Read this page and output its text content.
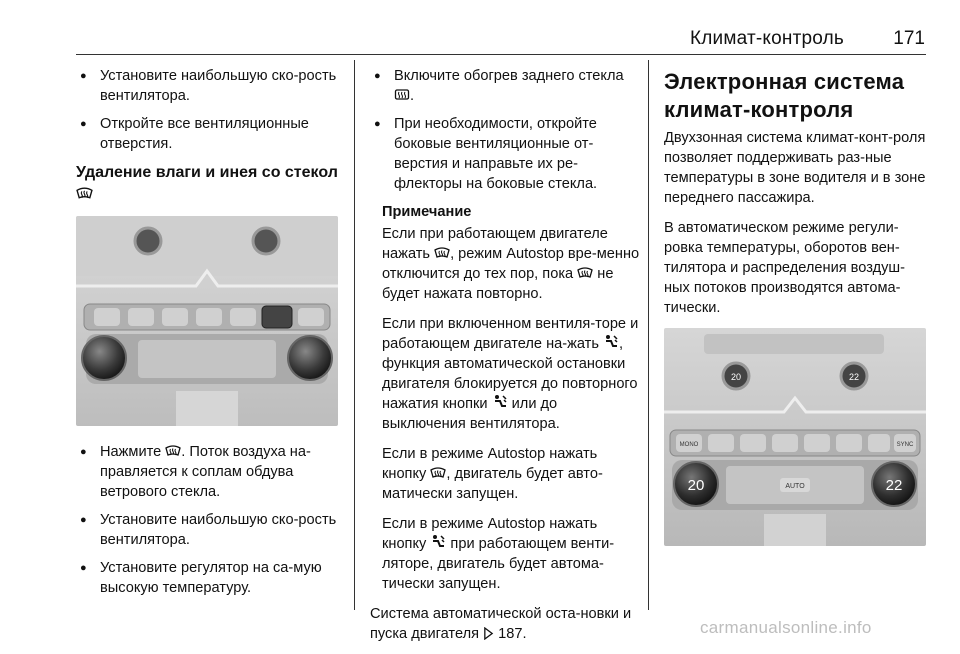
Климат-контроль	171
● Установите наибольшую ско-рость вентилятора.
● Откройте все вентиляционные отверстия.
Удаление влаги и инея со стекол
● Нажмите . Поток воздуха на-правляется к соплам обдува ветрового стекла.
● Установите наибольшую ско-рость вентилятора.
● Установите регулятор на са-мую высокую температуру.
● Включите обогрев заднего стекла .
● При необходимости, откройте боковые вентиляционные от-верстия и направьте их ре-флекторы на боковые стекла.
Примечание
Если при работающем двигателе нажать , режим Autostop вре-менно отключится до тех пор, пока  не будет нажата повторно.
Если при включенном вентиля-торе и работающем двигателе на-жать , функция автоматической остановки двигателя блокируется до повторного нажатия кнопки  или до выключения вентилятора.
Если в режиме Autostop нажать кнопку , двигатель будет авто-матически запущен.
Если в режиме Autostop нажать кнопку  при работающем венти-ляторе, двигатель будет автома-тически запущен.
Система автоматической оста-новки и пуска двигателя  187.
Электронная система климат-контроля
Двухзонная система климат-конт-роля позволяет поддерживать раз-ные температуры в зоне водителя и в зоне переднего пассажира.
В автоматическом режиме регули-ровка температуры, оборотов вен-тилятора и распределения воздуш-ных потоков производятся автома-тически.
20	22
MONO	SYNC
AUTO
20	22
carmanualsonline.info
